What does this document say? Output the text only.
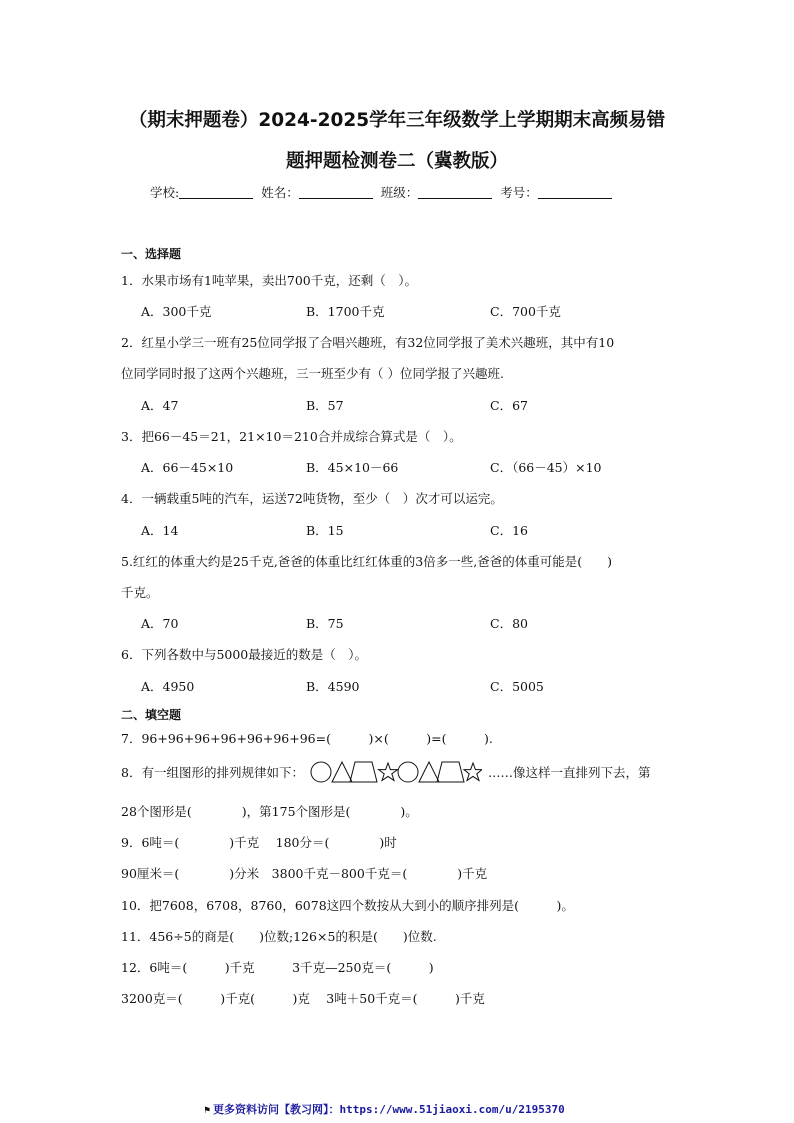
（期末押题卷）2024-2025学年三年级数学上学期期末高频易错
题押题检测卷二（冀教版）
学校:	姓名：	班级：	考号：
一、选择题
1．水果市场有1吨苹果，卖出700千克，还剩（　）。
A．300千克	B．1700千克	C．700千克
2．红星小学三一班有25位同学报了合唱兴趣班，有32位同学报了美术兴趣班，其中有10
位同学同时报了这两个兴趣班，三一班至少有（ ）位同学报了兴趣班.
A．47	B．57	C．67
3．把66－45＝21，21×10＝210合并成综合算式是（　）。
A．66－45×10	B．45×10－66	C．（66－45）×10
4．一辆载重5吨的汽车，运送72吨货物，至少（　）次才可以运完。
A．14	B．15	C．16
5.红红的体重大约是25千克,爸爸的体重比红红体重的3倍多一些,爸爸的体重可能是(　　)
千克。
A．70	B．75	C．80
6．下列各数中与5000最接近的数是（　）。
A．4950	B．4590	C．5005
二、填空题
7．96+96+96+96+96+96+96=(　　　)×(　　　)=(　　　).
8．有一组图形的排列规律如下：	……像这样一直排列下去，第
28个图形是(　　　　)，第175个图形是(　　　　)。
9．6吨＝(　　　　)千克　 180分＝(　　　　)时
90厘米＝(　　　　)分米　3800千克－800千克＝(　　　　)千克
10．把7608，6708，8760，6078这四个数按从大到小的顺序排列是(　　　)。
11．456÷5的商是(　　)位数;126×5的积是(　　)位数.
12．6吨＝(　　　)千克　　　3千克—250克＝(　　　)
3200克＝(　　　)千克(　　　)克　 3吨＋50千克＝(　　　)千克
⚑ 更多资料访问【教习网】：https://www.51jiaoxi.com/u/2195370
